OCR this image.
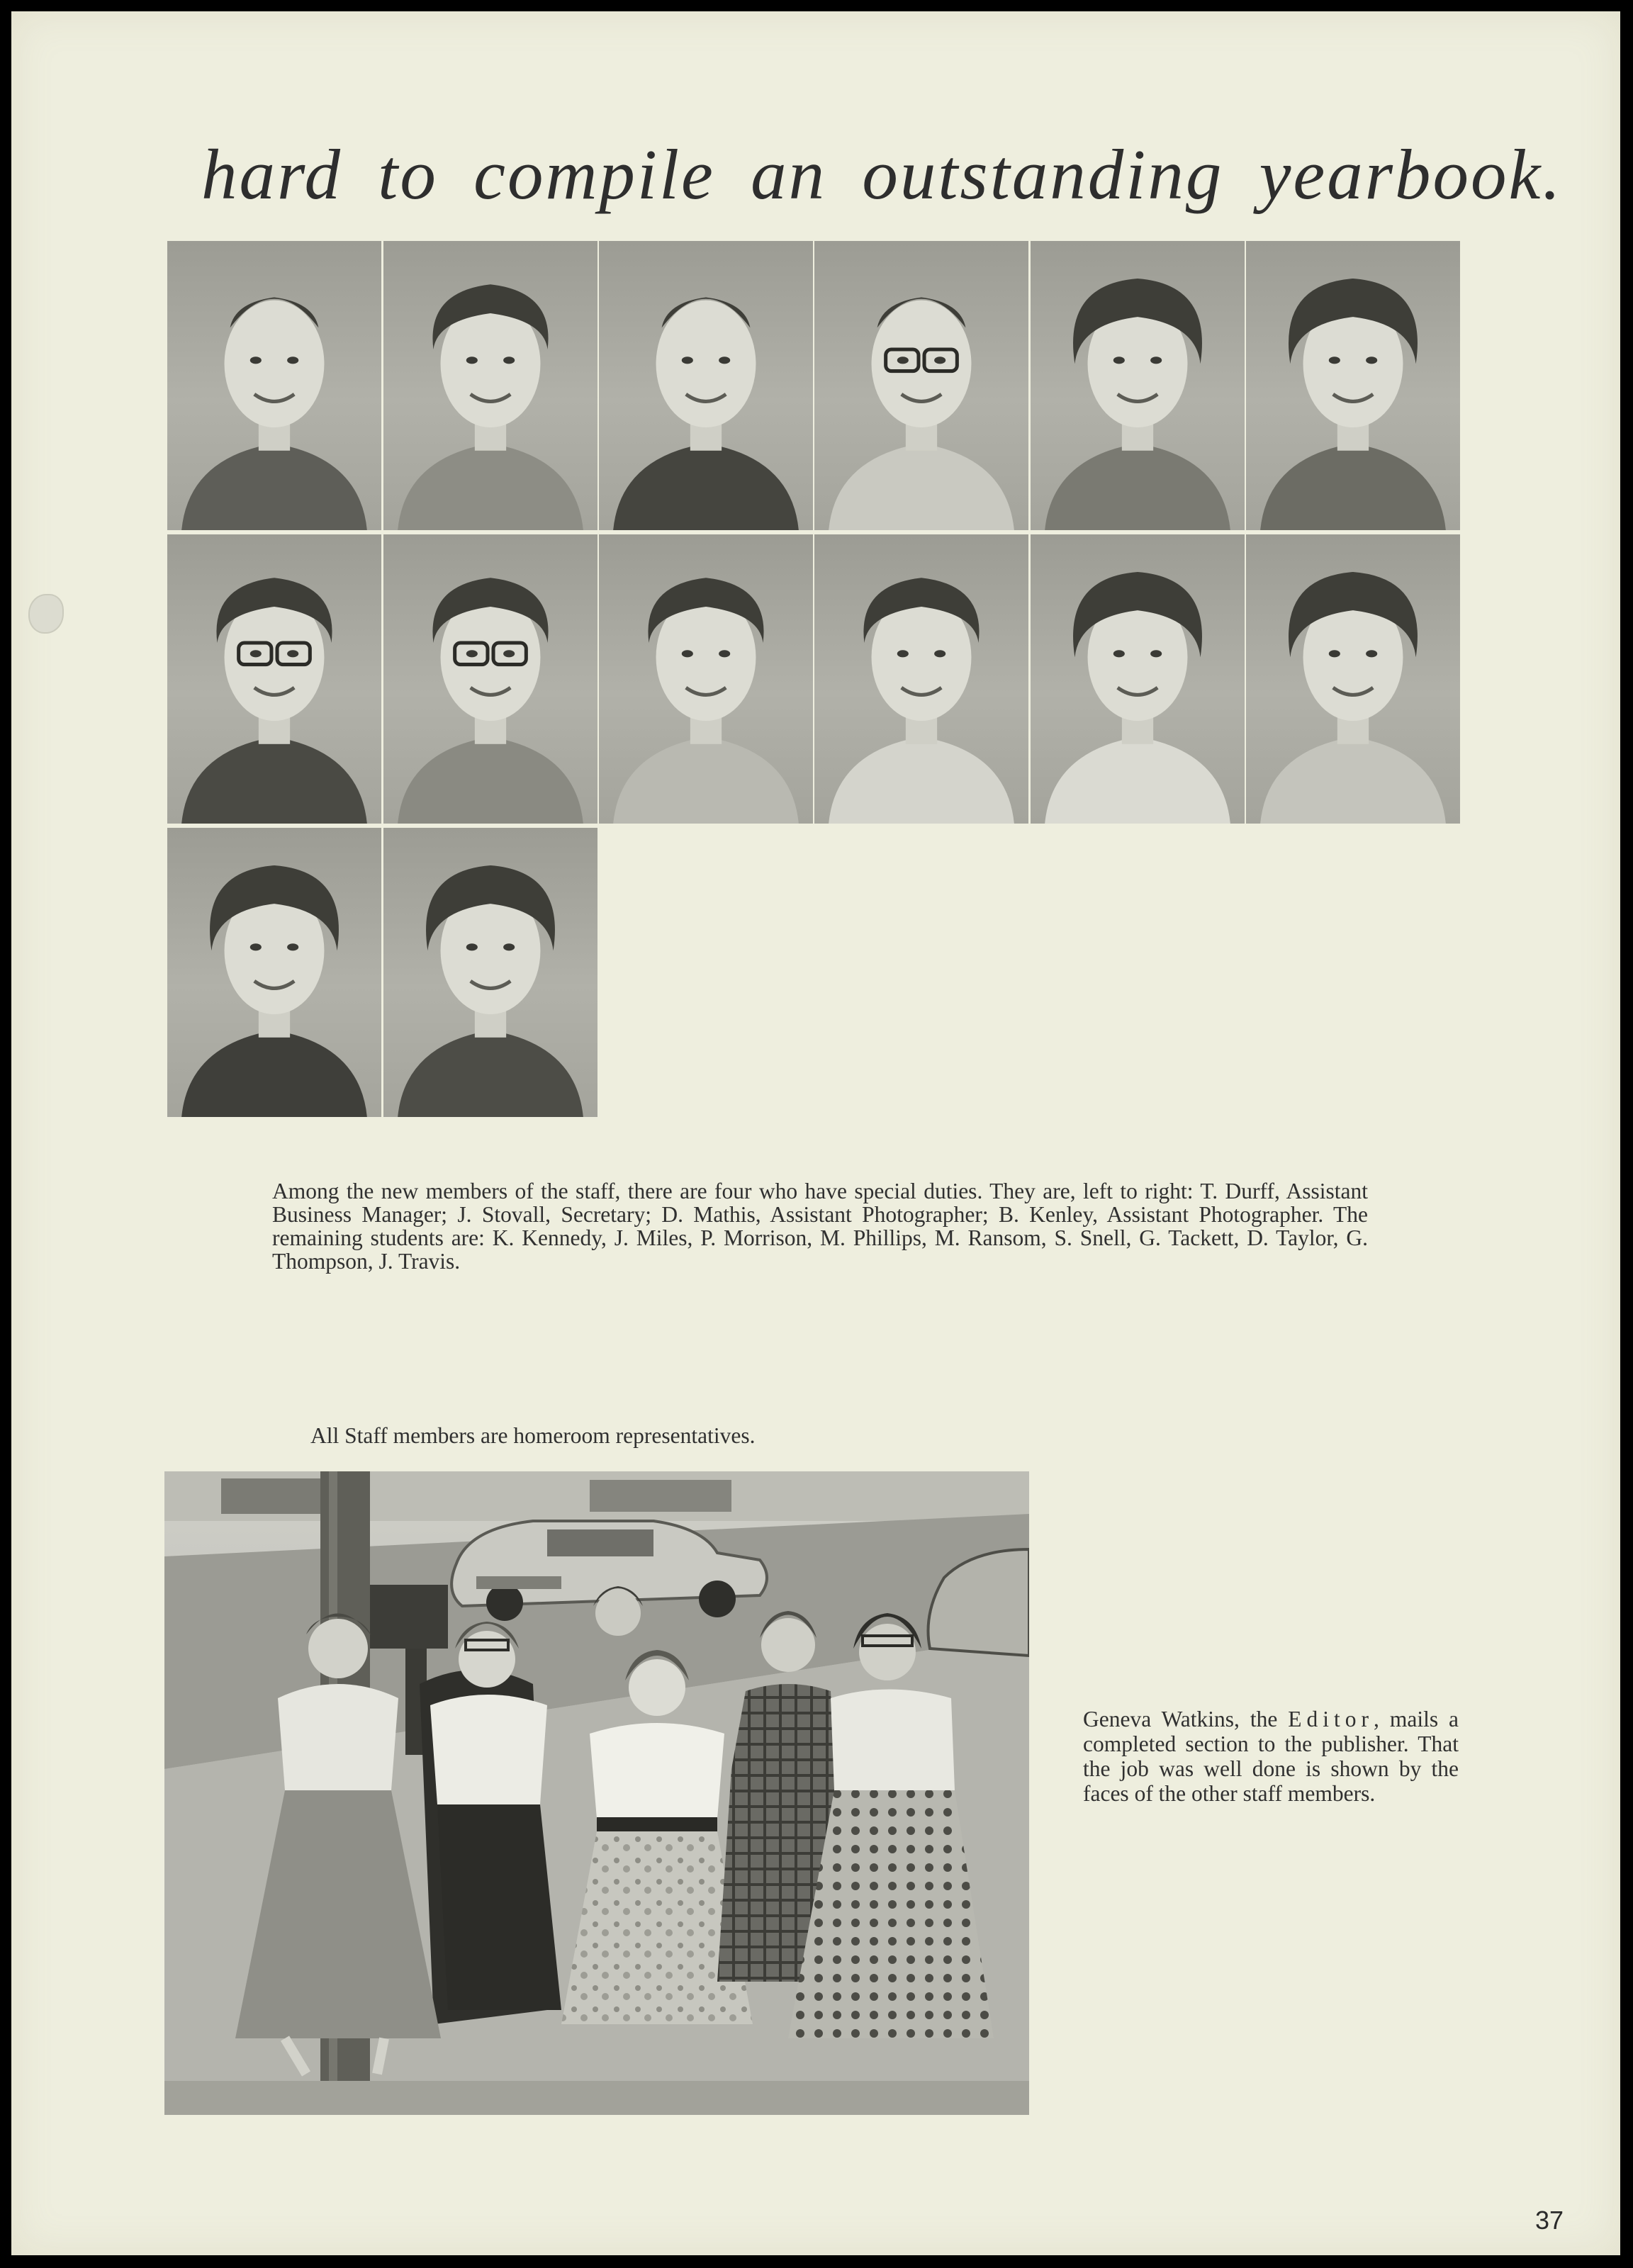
hard to compile an outstanding yearbook.

Among the new members of the staff, there are four who have special duties. They are, left to right: T. Durff, Assistant Business Manager; J. Stovall, Secretary; D. Mathis, Assistant Photographer; B. Kenley, Assistant Photographer. The remaining students are: K. Kennedy, J. Miles, P. Morrison, M. Phillips, M. Ransom, S. Snell, G. Tackett, D. Taylor, G. Thompson, J. Travis.

All Staff members are homeroom representatives.

Geneva Watkins, the Editor, mails a completed section to the publisher. That the job was well done is shown by the faces of the other staff members.

37
